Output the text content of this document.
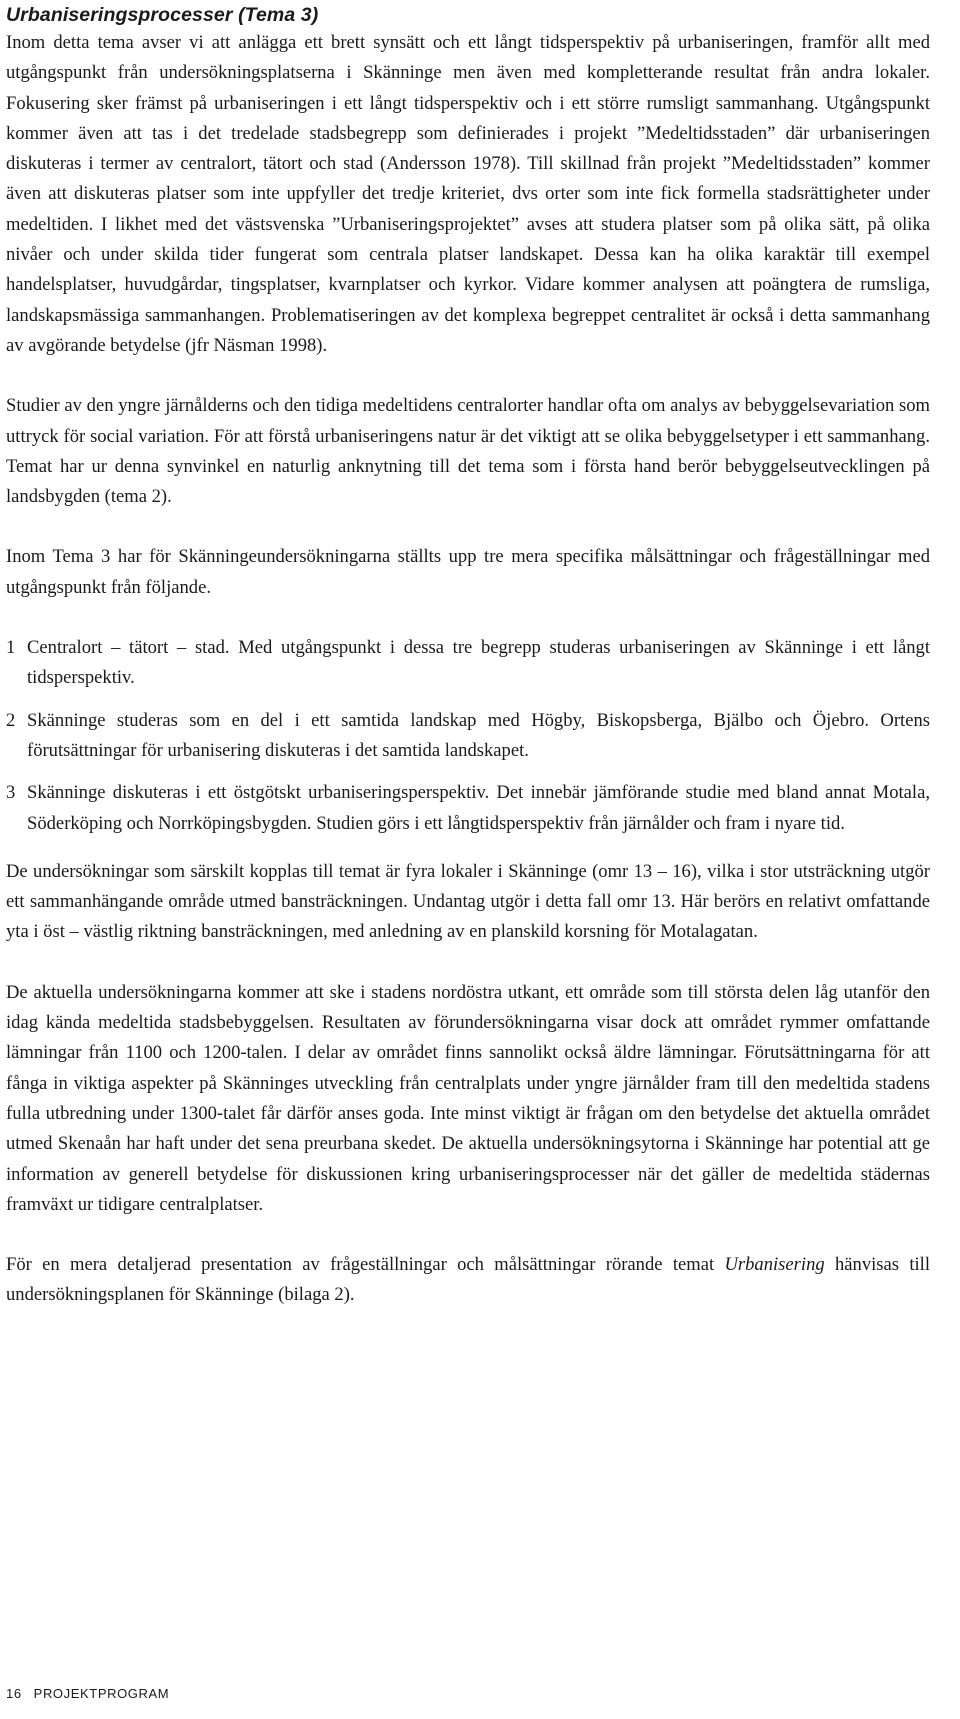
Urbaniseringsprocesser (Tema 3)

Inom detta tema avser vi att anlägga ett brett synsätt och ett långt tidsperspektiv på urbaniseringen, framför allt med utgångspunkt från undersökningsplatserna i Skänninge men även med kompletterande resultat från andra lokaler. Fokusering sker främst på urbaniseringen i ett långt tidsperspektiv och i ett större rumsligt sammanhang. Utgångspunkt kommer även att tas i det tredelade stadsbegrepp som definierades i projekt ”Medeltidsstaden” där urbaniseringen diskuteras i termer av centralort, tätort och stad (Andersson 1978). Till skillnad från projekt ”Medeltidsstaden” kommer även att diskuteras platser som inte uppfyller det tredje kriteriet, dvs orter som inte fick formella stadsrättigheter under medeltiden. I likhet med det västsvenska ”Urbaniseringsprojektet” avses att studera platser som på olika sätt, på olika nivåer och under skilda tider fungerat som centrala platser landskapet. Dessa kan ha olika karaktär till exempel handelsplatser, huvudgårdar, tingsplatser, kvarnplatser och kyrkor. Vidare kommer analysen att poängtera de rumsliga, landskapsmässiga sammanhangen. Problematiseringen av det komplexa begreppet centralitet är också i detta sammanhang av avgörande betydelse (jfr Näsman 1998).

Studier av den yngre järnålderns och den tidiga medeltidens centralorter handlar ofta om analys av bebyggelsevariation som uttryck för social variation. För att förstå urbaniseringens natur är det viktigt att se olika bebyggelsetyper i ett sammanhang. Temat har ur denna synvinkel en naturlig anknytning till det tema som i första hand berör bebyggelseutvecklingen på landsbygden (tema 2).

Inom Tema 3 har för Skänningeundersökningarna ställts upp tre mera specifika målsättningar och frågeställningar med utgångspunkt från följande.

1 Centralort – tätort – stad. Med utgångspunkt i dessa tre begrepp studeras urbaniseringen av Skänninge i ett långt tidsperspektiv.
2 Skänninge studeras som en del i ett samtida landskap med Högby, Biskopsberga, Bjälbo och Öjebro. Ortens förutsättningar för urbanisering diskuteras i det samtida landskapet.
3 Skänninge diskuteras i ett östgötskt urbaniseringsperspektiv. Det innebär jämförande studie med bland annat Motala, Söderköping och Norrköpingsbygden. Studien görs i ett långtidsperspektiv från järnålder och fram i nyare tid.

De undersökningar som särskilt kopplas till temat är fyra lokaler i Skänninge (omr 13 – 16), vilka i stor utsträckning utgör ett sammanhängande område utmed bansträckningen. Undantag utgör i detta fall omr 13. Här berörs en relativt omfattande yta i öst – västlig riktning bansträckningen, med anledning av en planskild korsning för Motalagatan.

De aktuella undersökningarna kommer att ske i stadens nordöstra utkant, ett område som till största delen låg utanför den idag kända medeltida stadsbebyggelsen. Resultaten av förundersökningarna visar dock att området rymmer omfattande lämningar från 1100 och 1200-talen. I delar av området finns sannolikt också äldre lämningar. Förutsättningarna för att fånga in viktiga aspekter på Skänninges utveckling från centralplats under yngre järnålder fram till den medeltida stadens fulla utbredning under 1300-talet får därför anses goda. Inte minst viktigt är frågan om den betydelse det aktuella området utmed Skenaån har haft under det sena preurbana skedet. De aktuella undersökningsytorna i Skänninge har potential att ge information av generell betydelse för diskussionen kring urbaniseringsprocesser när det gäller de medeltida städernas framväxt ur tidigare centralplatser.

För en mera detaljerad presentation av frågeställningar och målsättningar rörande temat Urbanisering hänvisas till undersökningsplanen för Skänninge (bilaga 2).

16 PROJEKTPROGRAM
